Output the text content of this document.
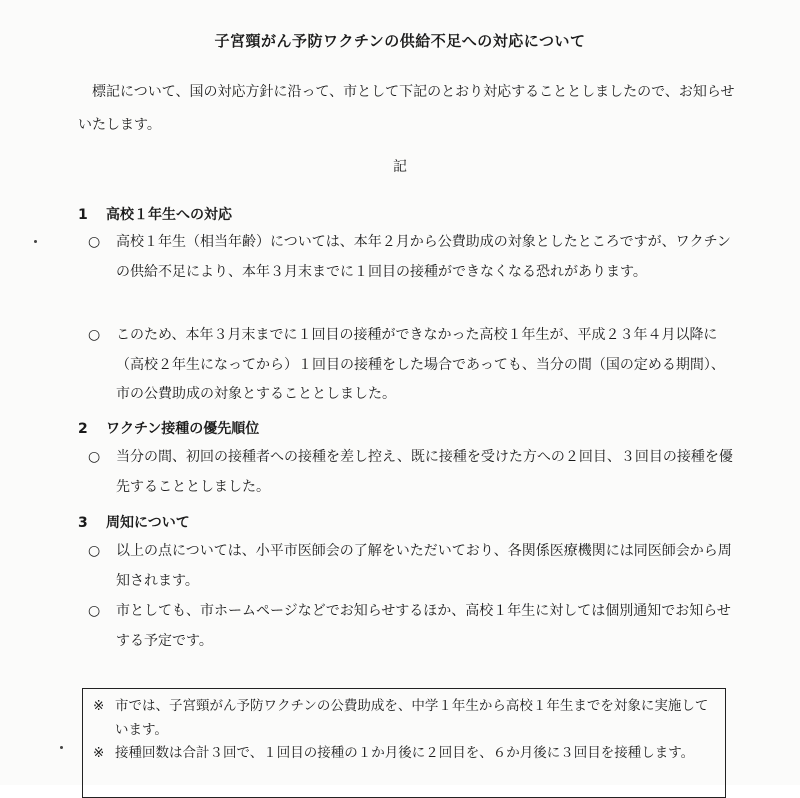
子宮頸がん予防ワクチンの供給不足への対応について
標記について、国の対応方針に沿って、市として下記のとおり対応することとしましたので、お知らせいたします。
記
1 高校１年生への対応
○ 高校１年生（相当年齢）については、本年２月から公費助成の対象としたところですが、ワクチンの供給不足により、本年３月末までに１回目の接種ができなくなる恐れがあります。
○ このため、本年３月末までに１回目の接種ができなかった高校１年生が、平成２３年４月以降に（高校２年生になってから）１回目の接種をした場合であっても、当分の間（国の定める期間）、市の公費助成の対象とすることとしました。
2 ワクチン接種の優先順位
○ 当分の間、初回の接種者への接種を差し控え、既に接種を受けた方への２回目、３回目の接種を優先することとしました。
3 周知について
○ 以上の点については、小平市医師会の了解をいただいており、各関係医療機関には同医師会から周知されます。
○ 市としても、市ホームページなどでお知らせするほか、高校１年生に対しては個別通知でお知らせする予定です。
※ 市では、子宮頸がん予防ワクチンの公費助成を、中学１年生から高校１年生までを対象に実施しています。
※ 接種回数は合計３回で、１回目の接種の１か月後に２回目を、６か月後に３回目を接種します。
